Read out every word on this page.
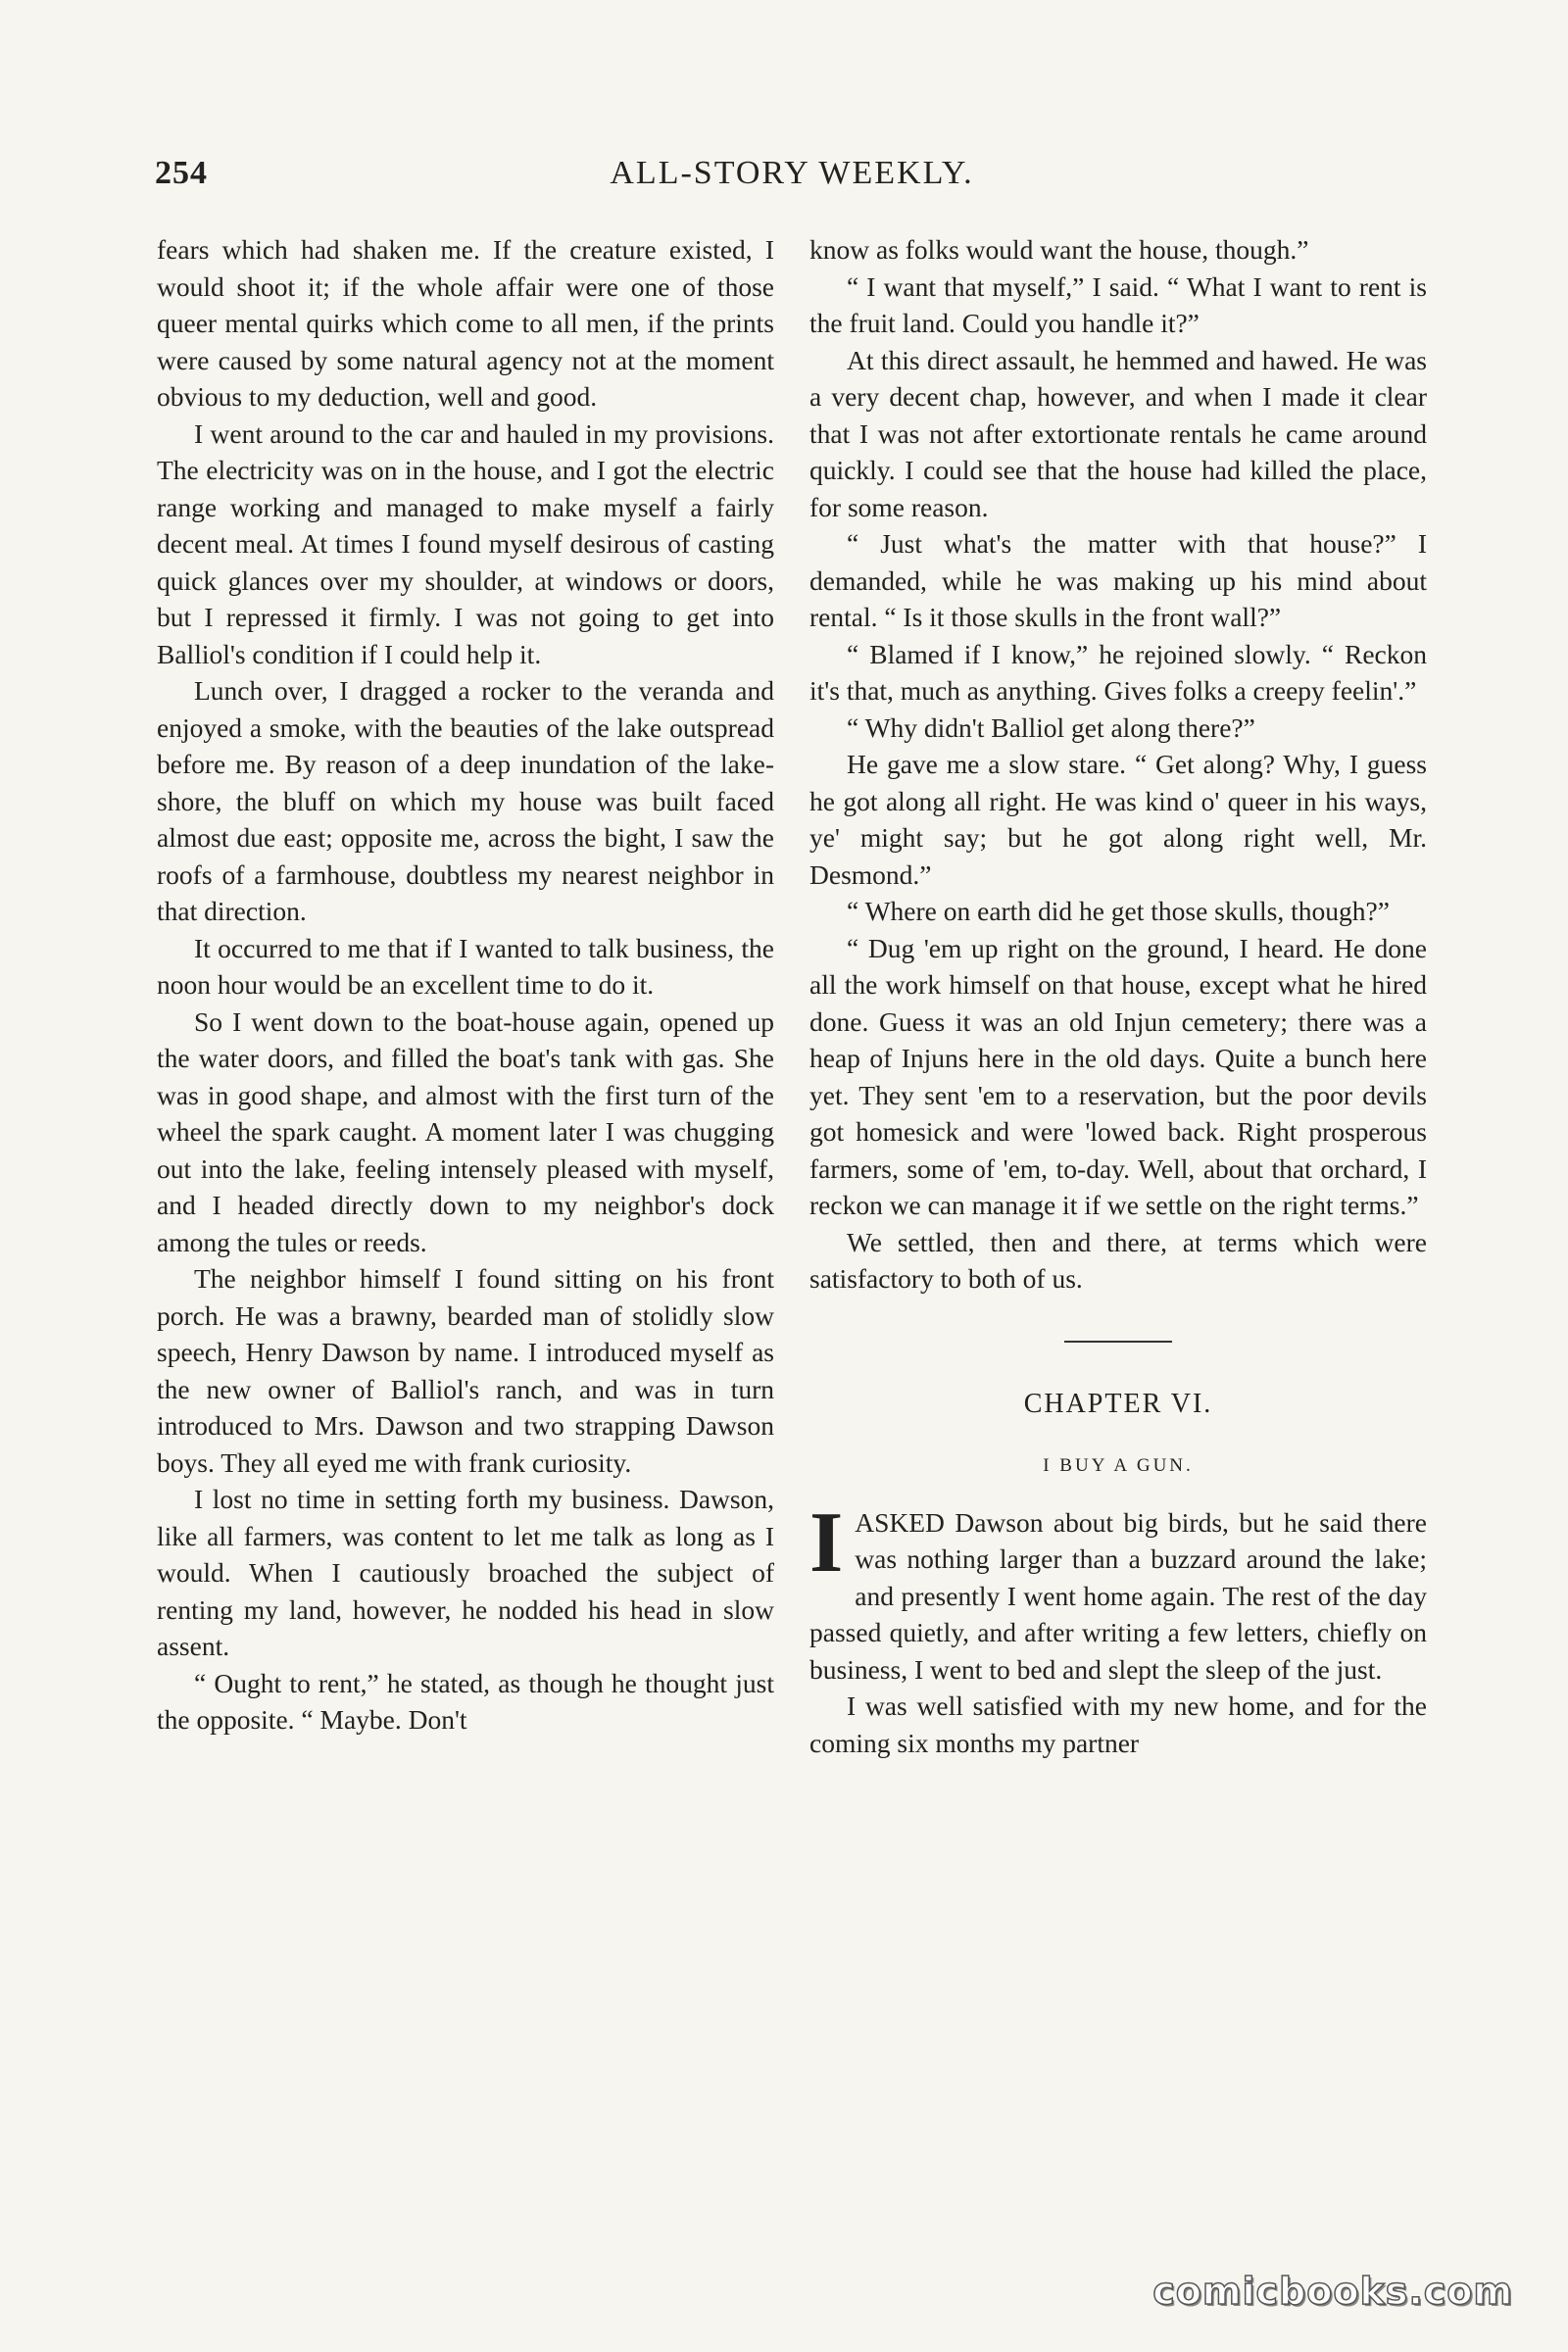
ALL-STORY WEEKLY.
254

fears which had shaken me. If the creature existed, I would shoot it; if the whole affair were one of those queer mental quirks which come to all men, if the prints were caused by some natural agency not at the moment obvious to my deduction, well and good.

I went around to the car and hauled in my provisions. The electricity was on in the house, and I got the electric range working and managed to make myself a fairly decent meal. At times I found myself desirous of casting quick glances over my shoulder, at windows or doors, but I repressed it firmly. I was not going to get into Balliol's condition if I could help it.

Lunch over, I dragged a rocker to the veranda and enjoyed a smoke, with the beauties of the lake outspread before me. By reason of a deep inundation of the lake-shore, the bluff on which my house was built faced almost due east; opposite me, across the bight, I saw the roofs of a farmhouse, doubtless my nearest neighbor in that direction.

It occurred to me that if I wanted to talk business, the noon hour would be an excellent time to do it.

So I went down to the boat-house again, opened up the water doors, and filled the boat's tank with gas. She was in good shape, and almost with the first turn of the wheel the spark caught. A moment later I was chugging out into the lake, feeling intensely pleased with myself, and I headed directly down to my neighbor's dock among the tules or reeds.

The neighbor himself I found sitting on his front porch. He was a brawny, bearded man of stolidly slow speech, Henry Dawson by name. I introduced myself as the new owner of Balliol's ranch, and was in turn introduced to Mrs. Dawson and two strapping Dawson boys. They all eyed me with frank curiosity.

I lost no time in setting forth my business. Dawson, like all farmers, was content to let me talk as long as I would. When I cautiously broached the subject of renting my land, however, he nodded his head in slow assent.

“ Ought to rent,” he stated, as though he thought just the opposite. “ Maybe. Don't

know as folks would want the house, though.”

“ I want that myself,” I said. “ What I want to rent is the fruit land. Could you handle it?”

At this direct assault, he hemmed and hawed. He was a very decent chap, however, and when I made it clear that I was not after extortionate rentals he came around quickly. I could see that the house had killed the place, for some reason.

“ Just what's the matter with that house?” I demanded, while he was making up his mind about rental. “ Is it those skulls in the front wall?”

“ Blamed if I know,” he rejoined slowly. “ Reckon it's that, much as anything. Gives folks a creepy feelin'.”

“ Why didn't Balliol get along there?”

He gave me a slow stare. “ Get along? Why, I guess he got along all right. He was kind o' queer in his ways, ye' might say; but he got along right well, Mr. Desmond.”

“ Where on earth did he get those skulls, though?”

“ Dug 'em up right on the ground, I heard. He done all the work himself on that house, except what he hired done. Guess it was an old Injun cemetery; there was a heap of Injuns here in the old days. Quite a bunch here yet. They sent 'em to a reservation, but the poor devils got homesick and were 'lowed back. Right prosperous farmers, some of 'em, to-day. Well, about that orchard, I reckon we can manage it if we settle on the right terms.”

We settled, then and there, at terms which were satisfactory to both of us.

CHAPTER VI.
I BUY A GUN.

IASKED Dawson about big birds, but he said there was nothing larger than a buzzard around the lake; and presently I went home again. The rest of the day passed quietly, and after writing a few letters, chiefly on business, I went to bed and slept the sleep of the just.

I was well satisfied with my new home, and for the coming six months my partner

comicbooks.com
